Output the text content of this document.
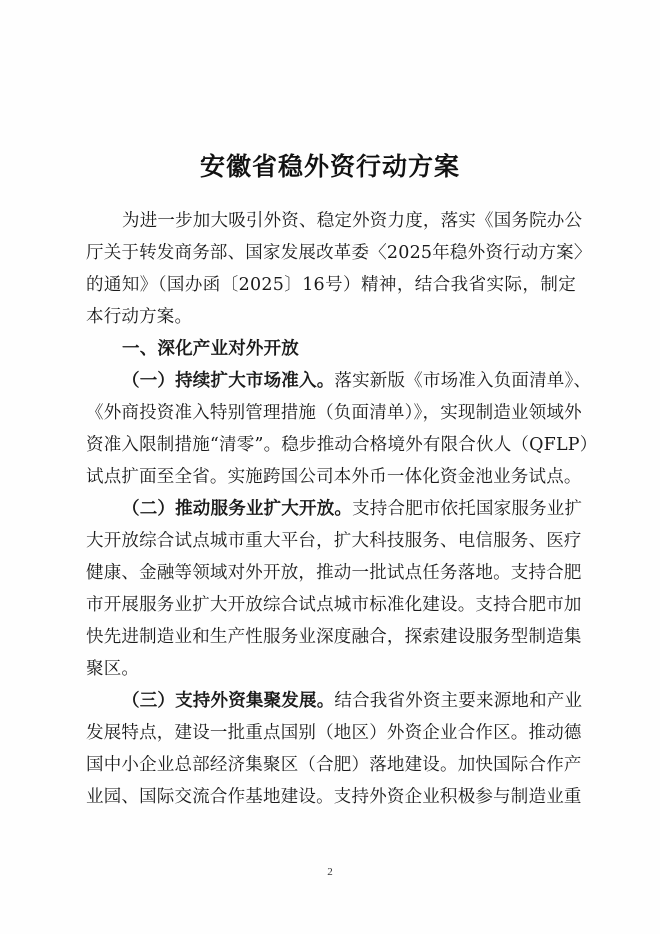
安徽省稳外资行动方案
为进一步加大吸引外资、稳定外资力度，落实《国务院办公
厅关于转发商务部、国家发展改革委〈2025年稳外资行动方案〉
的通知》（国办函〔2025〕16号）精神，结合我省实际，制定
本行动方案。
一、深化产业对外开放
（一）持续扩大市场准入。落实新版《市场准入负面清单》、
《外商投资准入特别管理措施（负面清单）》，实现制造业领域外
资准入限制措施“清零”。稳步推动合格境外有限合伙人（QFLP）
试点扩面至全省。实施跨国公司本外币一体化资金池业务试点。
（二）推动服务业扩大开放。支持合肥市依托国家服务业扩
大开放综合试点城市重大平台，扩大科技服务、电信服务、医疗
健康、金融等领域对外开放，推动一批试点任务落地。支持合肥
市开展服务业扩大开放综合试点城市标准化建设。支持合肥市加
快先进制造业和生产性服务业深度融合，探索建设服务型制造集
聚区。
（三）支持外资集聚发展。结合我省外资主要来源地和产业
发展特点，建设一批重点国别（地区）外资企业合作区。推动德
国中小企业总部经济集聚区（合肥）落地建设。加快国际合作产
业园、国际交流合作基地建设。支持外资企业积极参与制造业重
2
